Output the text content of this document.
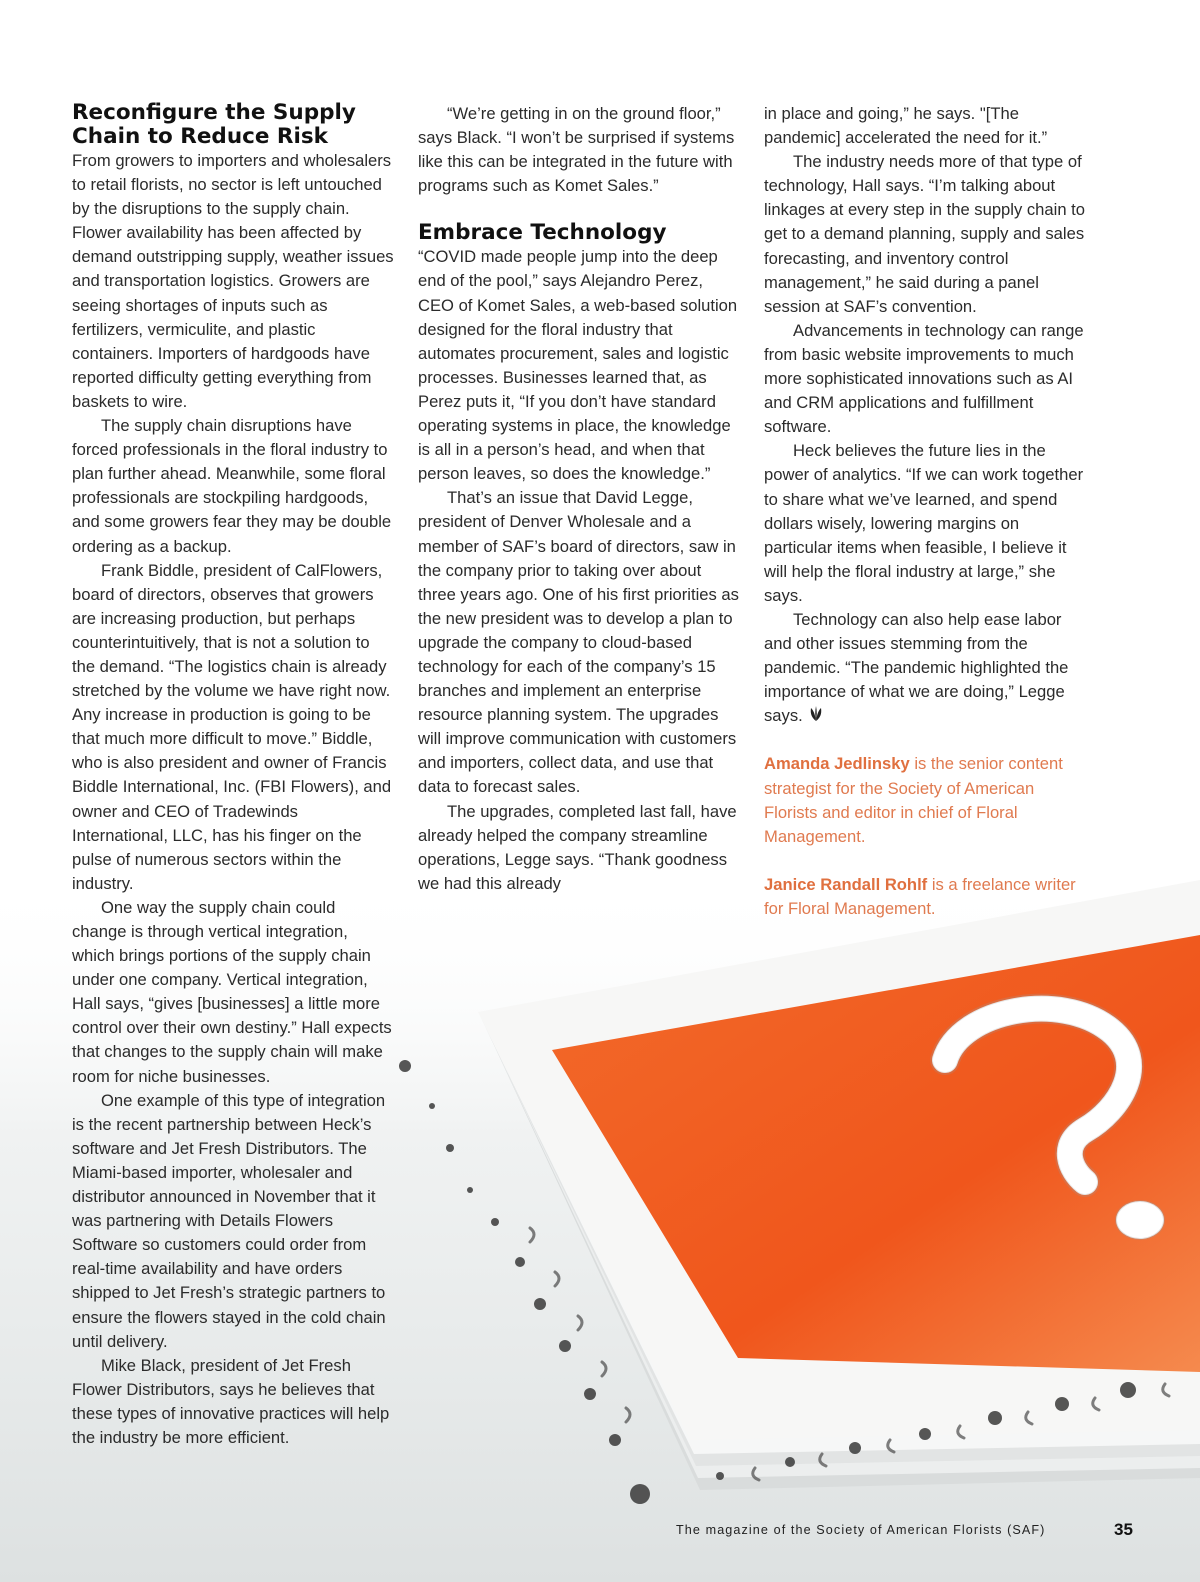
Reconfigure the Supply Chain to Reduce Risk

From growers to importers and wholesalers to retail florists, no sector is left untouched by the disruptions to the supply chain. Flower availability has been affected by demand outstripping supply, weather issues and transportation logistics. Growers are seeing shortages of inputs such as fertilizers, vermiculite, and plastic containers. Importers of hardgoods have reported difficulty getting everything from baskets to wire.

The supply chain disruptions have forced professionals in the floral industry to plan further ahead. Meanwhile, some floral professionals are stockpiling hardgoods, and some growers fear they may be double ordering as a backup.

Frank Biddle, president of CalFlowers, board of directors, observes that growers are increasing production, but perhaps counterintuitively, that is not a solution to the demand. “The logistics chain is already stretched by the volume we have right now. Any increase in production is going to be that much more difficult to move.” Biddle, who is also president and owner of Francis Biddle International, Inc. (FBI Flowers), and owner and CEO of Tradewinds International, LLC, has his finger on the pulse of numerous sectors within the industry.

One way the supply chain could change is through vertical integration, which brings portions of the supply chain under one company. Vertical integration, Hall says, “gives [businesses] a little more control over their own destiny.” Hall expects that changes to the supply chain will make room for niche businesses.

One example of this type of integration is the recent partnership between Heck’s software and Jet Fresh Distributors. The Miami-based importer, wholesaler and distributor announced in November that it was partnering with Details Flowers Software so customers could order from real-time availability and have orders shipped to Jet Fresh’s strategic partners to ensure the flowers stayed in the cold chain until delivery.

Mike Black, president of Jet Fresh Flower Distributors, says he believes that these types of innovative practices will help the industry be more efficient.

“We’re getting in on the ground floor,” says Black. “I won’t be surprised if systems like this can be integrated in the future with programs such as Komet Sales.”

Embrace Technology

“COVID made people jump into the deep end of the pool,” says Alejandro Perez, CEO of Komet Sales, a web-based solution designed for the floral industry that automates procurement, sales and logistic processes. Businesses learned that, as Perez puts it, “If you don’t have standard operating systems in place, the knowledge is all in a person’s head, and when that person leaves, so does the knowledge.”

That’s an issue that David Legge, president of Denver Wholesale and a member of SAF’s board of directors, saw in the company prior to taking over about three years ago. One of his first priorities as the new president was to develop a plan to upgrade the company to cloud-based technology for each of the company’s 15 branches and implement an enterprise resource planning system. The upgrades will improve communication with customers and importers, collect data, and use that data to forecast sales.

The upgrades, completed last fall, have already helped the company streamline operations, Legge says. “Thank goodness we had this already

in place and going,” he says. "[The pandemic] accelerated the need for it.”

The industry needs more of that type of technology, Hall says. “I’m talking about linkages at every step in the supply chain to get to a demand planning, supply and sales forecasting, and inventory control management,” he said during a panel session at SAF’s convention.

Advancements in technology can range from basic website improvements to much more sophisticated innovations such as AI and CRM applications and fulfillment software.

Heck believes the future lies in the power of analytics. “If we can work together to share what we’ve learned, and spend dollars wisely, lowering margins on particular items when feasible, I believe it will help the floral industry at large,” she says.

Technology can also help ease labor and other issues stemming from the pandemic. “The pandemic highlighted the importance of what we are doing,” Legge says.

Amanda Jedlinsky is the senior content strategist for the Society of American Florists and editor in chief of Floral Management.

Janice Randall Rohlf is a freelance writer for Floral Management.

The magazine of the Society of American Florists (SAF)	35
